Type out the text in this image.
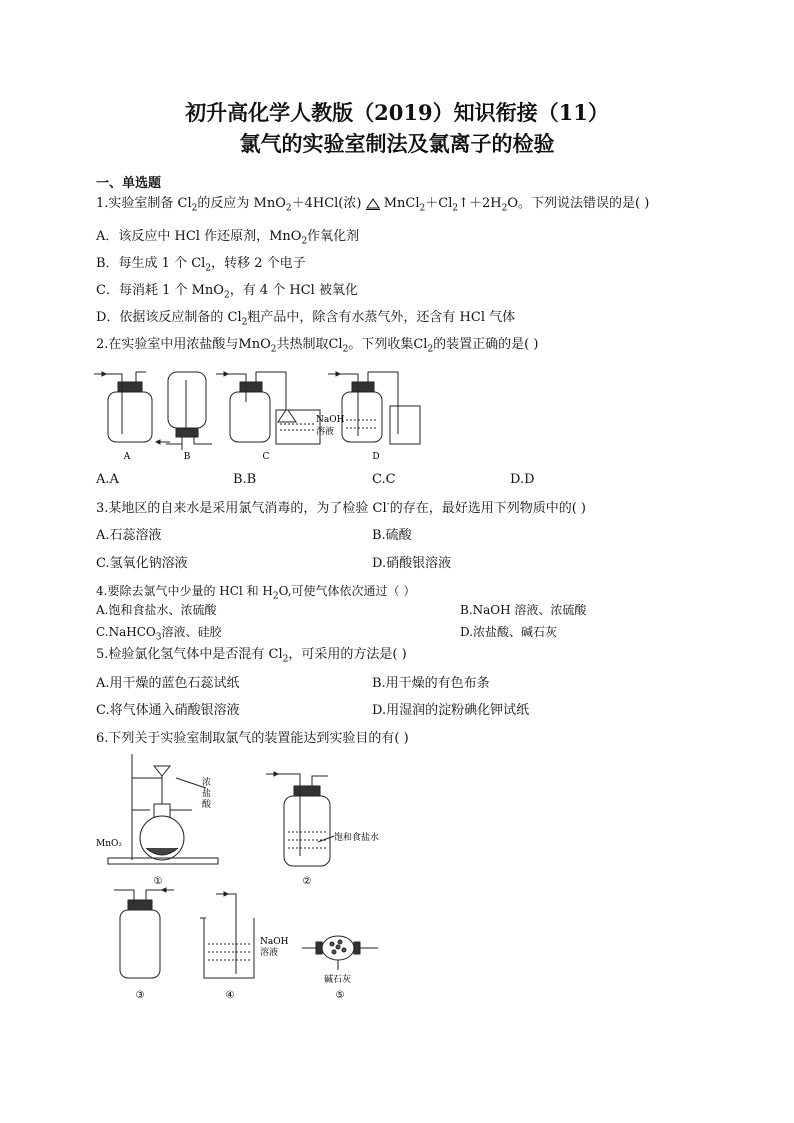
初升高化学人教版（2019）知识衔接（11）
氯气的实验室制法及氯离子的检验
一、单选题
1.实验室制备 $Cl_2$的反应为 MnO$_2$＋4HCl(浓)  $MnCl_2+Cl_2↑+2H_2O$。下列说法错误的是( )
A．该反应中 HCl 作还原剂，MnO$_2$作氧化剂
B．每生成 1 个 $Cl_2$，转移 2 个电子
C．每消耗 1 个 MnO$_2$，有 4 个 HCl 被氧化
D．依据该反应制备的 $Cl_2$粗产品中，除含有水蒸气外，还含有 HCl 气体
2.在实验室中用浓盐酸与MnO$_2$共热制取$Cl_2$。下列收集$Cl_2$的装置正确的是( )
A	B	C	D
NaOH
溶液
A.A	B.B	C.C	D.D
3.某地区的自来水是采用氯气消毒的，为了检验 Cl-的存在，最好选用下列物质中的( )
A.石蕊溶液	B.硫酸
C.氢氧化钠溶液	D.硝酸银溶液
4.要除去氯气中少量的 HCl 和 $H_2O$,可使气体依次通过（ ）
A.饱和食盐水、浓硫酸	B.NaOH 溶液、浓硫酸
C.NaHCO$_3$溶液、硅胶	D.浓盐酸、碱石灰
5.检验氯化氢气体中是否混有 $Cl_2$，可采用的方法是( )
A.用干燥的蓝色石蕊试纸	B.用干燥的有色布条
C.将气体通入硝酸银溶液	D.用湿润的淀粉碘化钾试纸
6.下列关于实验室制取氯气的装置能达到实验目的有( )
浓
盐
酸
MnO₂
饱和食盐水
NaOH
溶液
碱石灰
①	②
③	④	⑤
